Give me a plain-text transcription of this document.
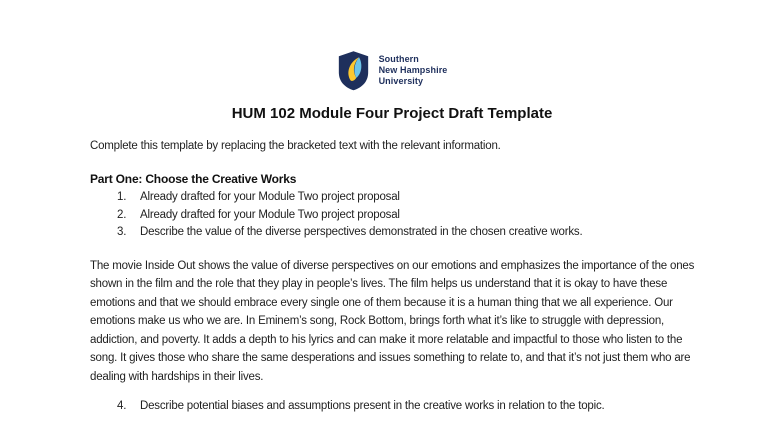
Southern
New Hampshire
University
HUM 102 Module Four Project Draft Template

Complete this template by replacing the bracketed text with the relevant information.

Part One: Choose the Creative Works
1.	Already drafted for your Module Two project proposal
2.	Already drafted for your Module Two project proposal
3.	Describe the value of the diverse perspectives demonstrated in the chosen creative works.

The movie Inside Out shows the value of diverse perspectives on our emotions and emphasizes the importance of the ones shown in the film and the role that they play in people’s lives. The film helps us understand that it is okay to have these emotions and that we should embrace every single one of them because it is a human thing that we all experience. Our emotions make us who we are. In Eminem’s song, Rock Bottom, brings forth what it’s like to struggle with depression, addiction, and poverty. It adds a depth to his lyrics and can make it more relatable and impactful to those who listen to the song. It gives those who share the same desperations and issues something to relate to, and that it’s not just them who are dealing with hardships in their lives.

4.	Describe potential biases and assumptions present in the creative works in relation to the topic.
